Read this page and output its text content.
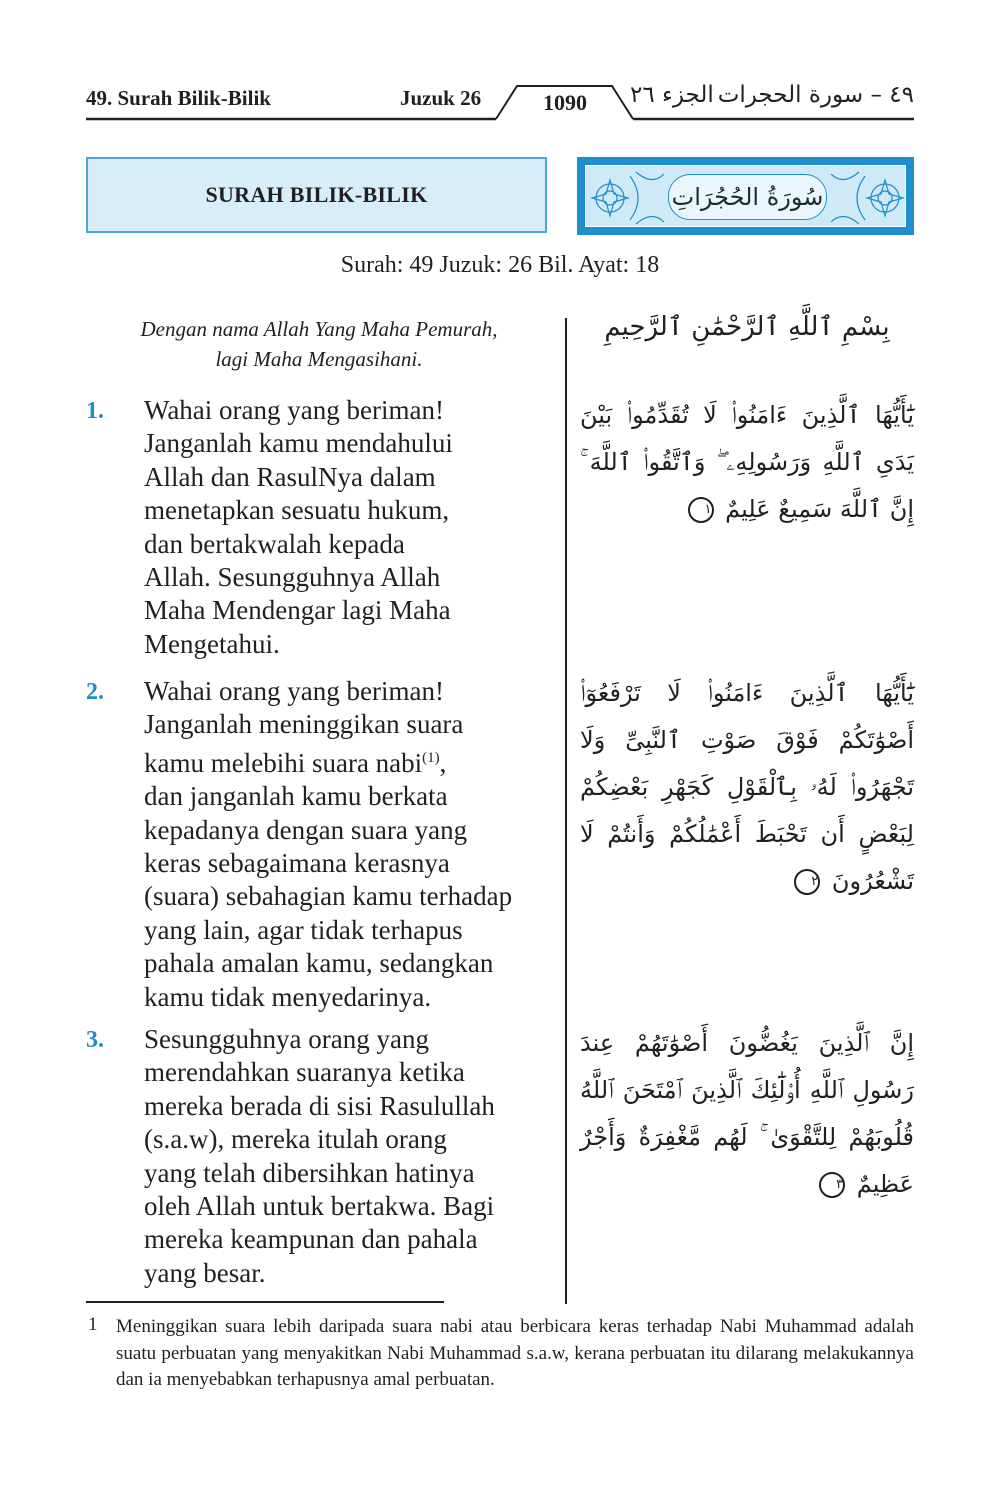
49. Surah Bilik-Bilik	Juzuk 26	1090	الجزء ٢٦ ٤٩ – سورة الحجرات
SURAH BILIK-BILIK	سُورَةُ الحُجُرَاتِ
Surah: 49 Juzuk: 26 Bil. Ayat: 18
Dengan nama Allah Yang Maha Pemurah,
lagi Maha Mengasihani.
بِسْمِ ٱللَّهِ ٱلرَّحْمَٰنِ ٱلرَّحِيمِ
1. Wahai orang yang beriman!
Janganlah kamu mendahului
Allah dan RasulNya dalam
menetapkan sesuatu hukum,
dan bertakwalah kepada
Allah. Sesungguhnya Allah
Maha Mendengar lagi Maha
Mengetahui.
يَٰٓأَيُّهَا ٱلَّذِينَ ءَامَنُوا۟ لَا تُقَدِّمُوا۟ بَيْنَ يَدَىِ ٱللَّهِ وَرَسُولِهِۦ ۖ وَٱتَّقُوا۟ ٱللَّهَ ۚ إِنَّ ٱللَّهَ سَمِيعٌ عَلِيمٌ ١
2. Wahai orang yang beriman!
Janganlah meninggikan suara
kamu melebihi suara nabi$^{(1)}$,
dan janganlah kamu berkata
kepadanya dengan suara yang
keras sebagaimana kerasnya
(suara) sebahagian kamu terhadap
yang lain, agar tidak terhapus
pahala amalan kamu, sedangkan
kamu tidak menyedarinya.
يَٰٓأَيُّهَا ٱلَّذِينَ ءَامَنُوا۟ لَا تَرْفَعُوٓا۟ أَصْوَٰتَكُمْ فَوْقَ صَوْتِ ٱلنَّبِىِّ وَلَا تَجْهَرُوا۟ لَهُۥ بِٱلْقَوْلِ كَجَهْرِ بَعْضِكُمْ لِبَعْضٍ أَن تَحْبَطَ أَعْمَٰلُكُمْ وَأَنتُمْ لَا تَشْعُرُونَ ٢
3. Sesungguhnya orang yang
merendahkan suaranya ketika
mereka berada di sisi Rasulullah
(s.a.w), mereka itulah orang
yang telah dibersihkan hatinya
oleh Allah untuk bertakwa. Bagi
mereka keampunan dan pahala
yang besar.
إِنَّ ٱلَّذِينَ يَغُضُّونَ أَصْوَٰتَهُمْ عِندَ رَسُولِ ٱللَّهِ أُو۟لَٰٓئِكَ ٱلَّذِينَ ٱمْتَحَنَ ٱللَّهُ قُلُوبَهُمْ لِلتَّقْوَىٰ ۚ لَهُم مَّغْفِرَةٌ وَأَجْرٌ عَظِيمٌ ٣
1 Meninggikan suara lebih daripada suara nabi atau berbicara keras terhadap Nabi Muhammad adalah suatu perbuatan yang menyakitkan Nabi Muhammad s.a.w, kerana perbuatan itu dilarang melakukannya dan ia menyebabkan terhapusnya amal perbuatan.
